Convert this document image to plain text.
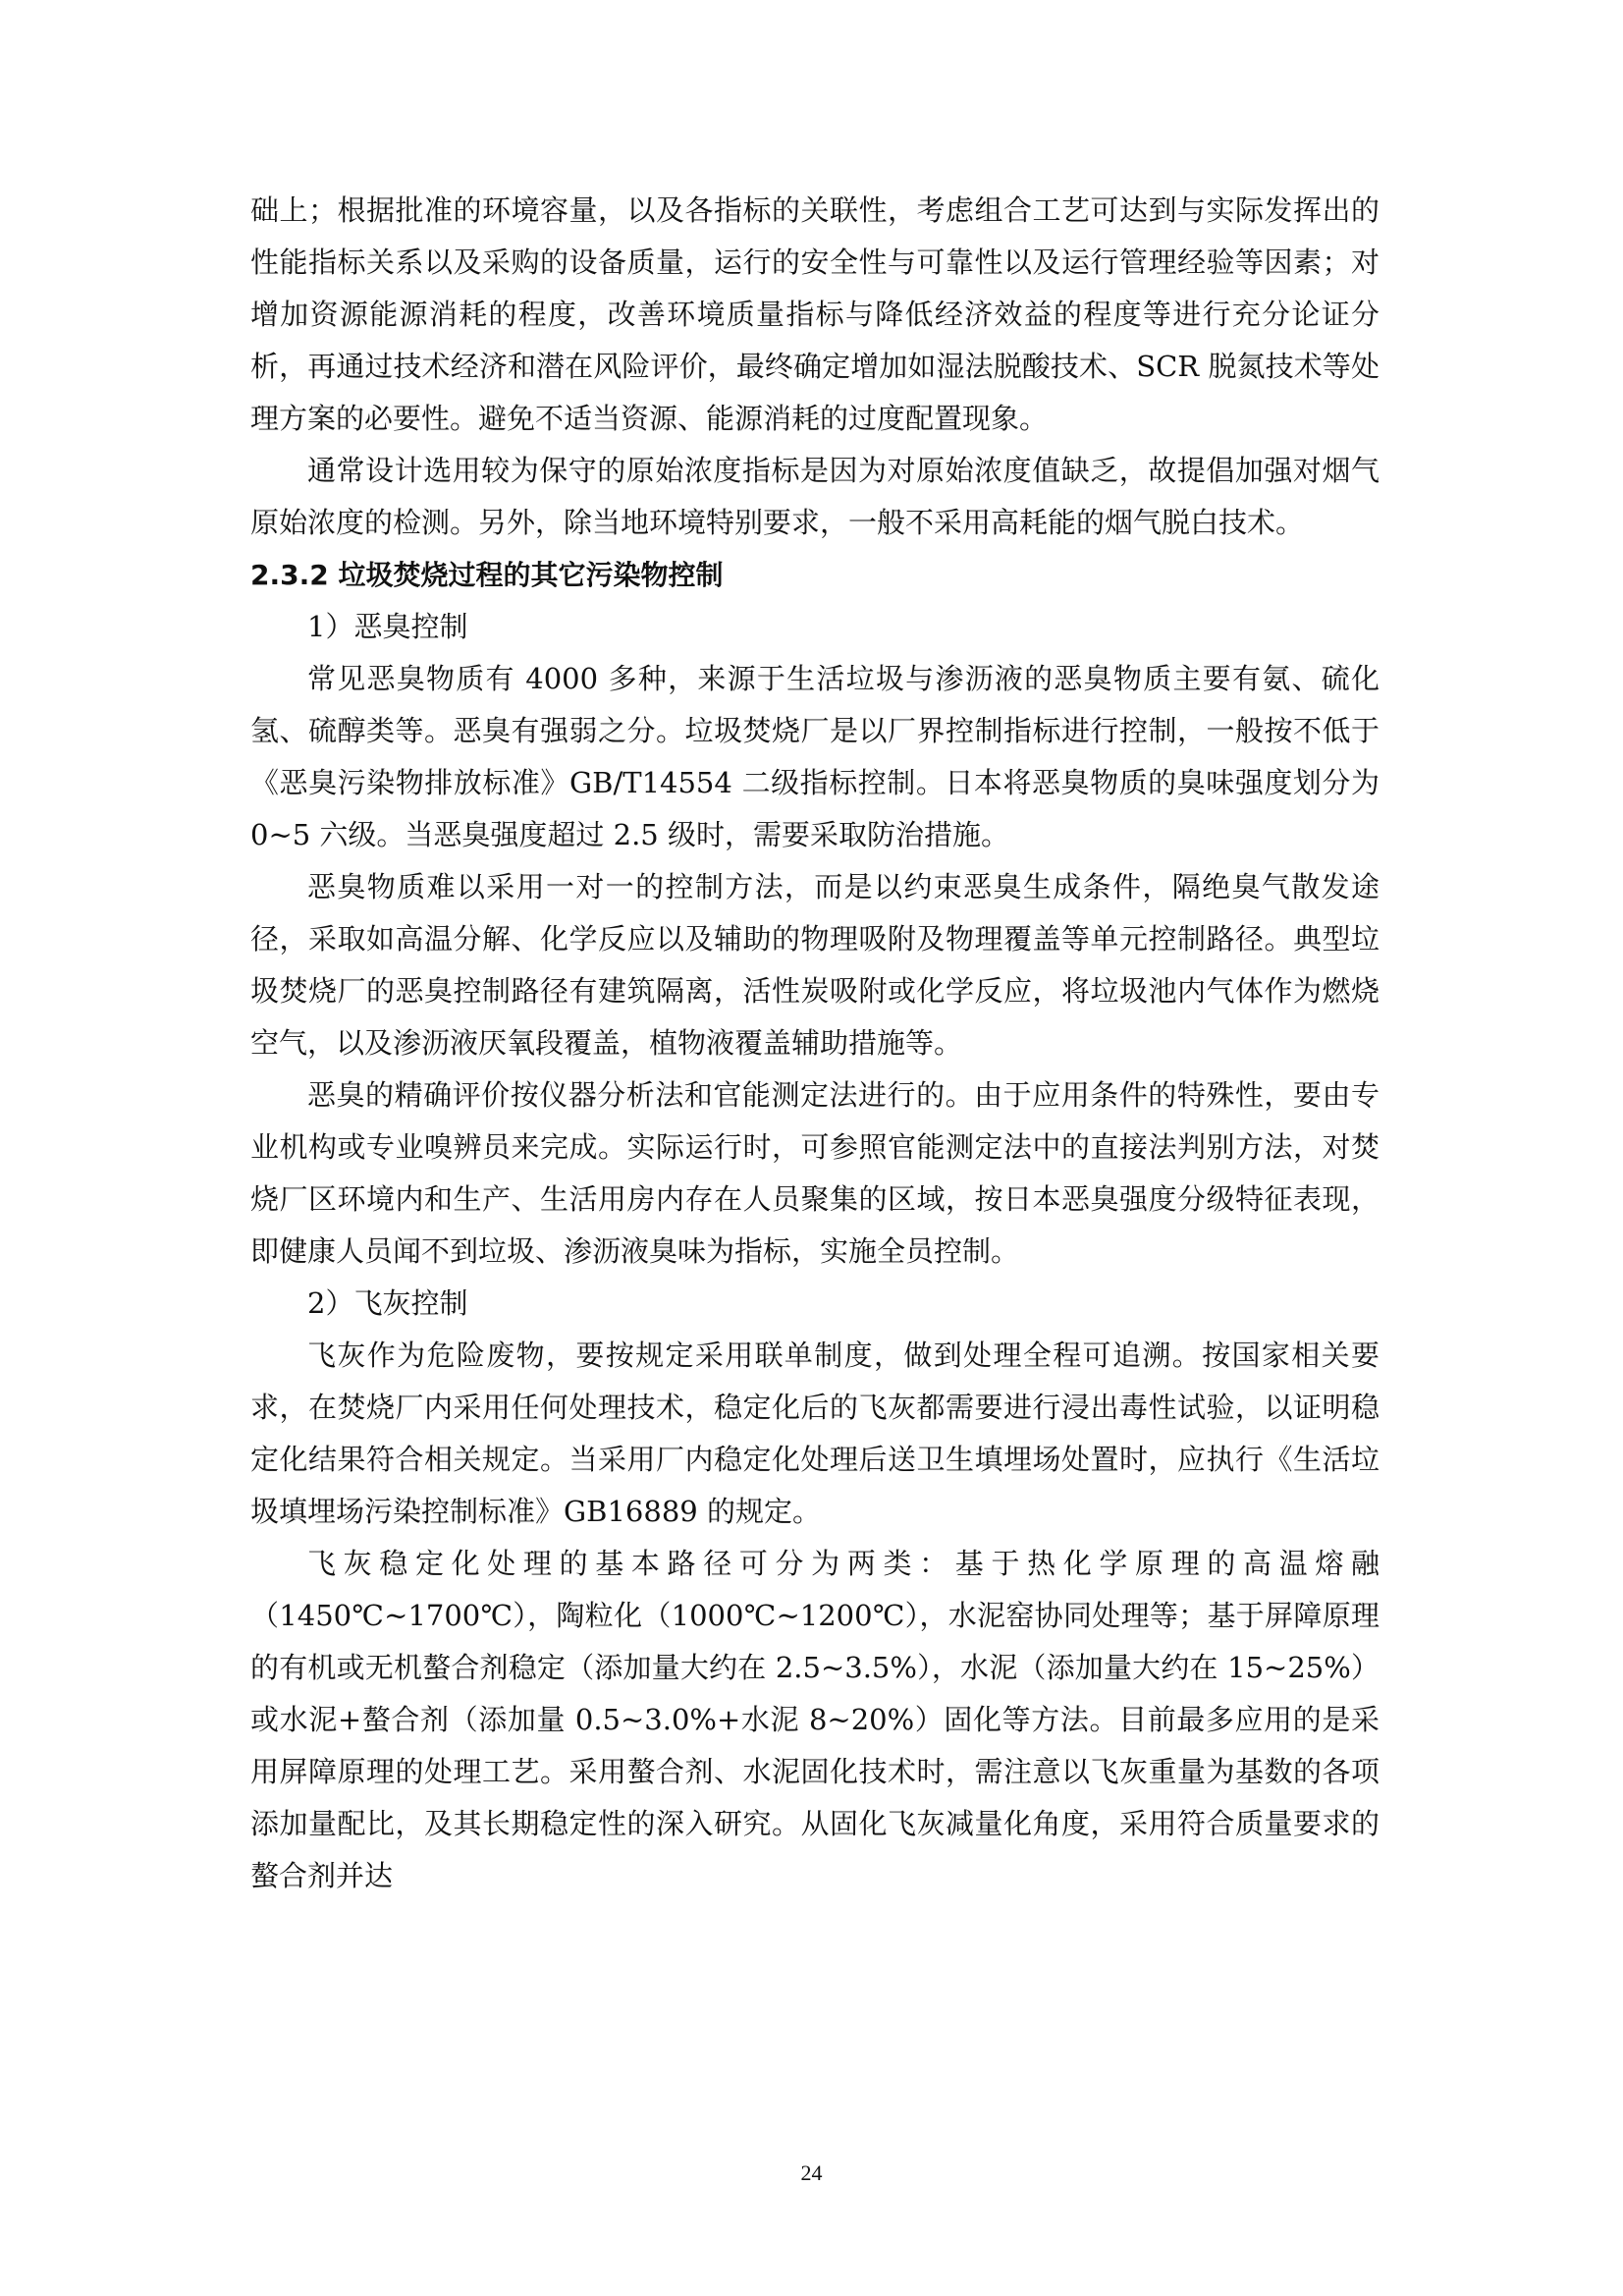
础上；根据批准的环境容量，以及各指标的关联性，考虑组合工艺可达到与实际发挥出的性能指标关系以及采购的设备质量，运行的安全性与可靠性以及运行管理经验等因素；对增加资源能源消耗的程度，改善环境质量指标与降低经济效益的程度等进行充分论证分析，再通过技术经济和潜在风险评价，最终确定增加如湿法脱酸技术、SCR 脱氮技术等处理方案的必要性。避免不适当资源、能源消耗的过度配置现象。

通常设计选用较为保守的原始浓度指标是因为对原始浓度值缺乏，故提倡加强对烟气原始浓度的检测。另外，除当地环境特别要求，一般不采用高耗能的烟气脱白技术。

2.3.2 垃圾焚烧过程的其它污染物控制

1）恶臭控制

常见恶臭物质有 4000 多种，来源于生活垃圾与渗沥液的恶臭物质主要有氨、硫化氢、硫醇类等。恶臭有强弱之分。垃圾焚烧厂是以厂界控制指标进行控制，一般按不低于《恶臭污染物排放标准》GB/T14554 二级指标控制。日本将恶臭物质的臭味强度划分为 0~5 六级。当恶臭强度超过 2.5 级时，需要采取防治措施。

恶臭物质难以采用一对一的控制方法，而是以约束恶臭生成条件，隔绝臭气散发途径，采取如高温分解、化学反应以及辅助的物理吸附及物理覆盖等单元控制路径。典型垃圾焚烧厂的恶臭控制路径有建筑隔离，活性炭吸附或化学反应，将垃圾池内气体作为燃烧空气，以及渗沥液厌氧段覆盖，植物液覆盖辅助措施等。

恶臭的精确评价按仪器分析法和官能测定法进行的。由于应用条件的特殊性，要由专业机构或专业嗅辨员来完成。实际运行时，可参照官能测定法中的直接法判别方法，对焚烧厂区环境内和生产、生活用房内存在人员聚集的区域，按日本恶臭强度分级特征表现，即健康人员闻不到垃圾、渗沥液臭味为指标，实施全员控制。

2）飞灰控制

飞灰作为危险废物，要按规定采用联单制度，做到处理全程可追溯。按国家相关要求，在焚烧厂内采用任何处理技术，稳定化后的飞灰都需要进行浸出毒性试验，以证明稳定化结果符合相关规定。当采用厂内稳定化处理后送卫生填埋场处置时，应执行《生活垃圾填埋场污染控制标准》GB16889 的规定。

飞灰稳定化处理的基本路径可分为两类：基于热化学原理的高温熔融（1450℃~1700℃），陶粒化（1000℃~1200℃），水泥窑协同处理等；基于屏障原理的有机或无机螯合剂稳定（添加量大约在 2.5~3.5%），水泥（添加量大约在 15~25%）或水泥+螯合剂（添加量 0.5~3.0%+水泥 8~20%）固化等方法。目前最多应用的是采用屏障原理的处理工艺。采用螯合剂、水泥固化技术时，需注意以飞灰重量为基数的各项添加量配比，及其长期稳定性的深入研究。从固化飞灰减量化角度，采用符合质量要求的螯合剂并达

24
